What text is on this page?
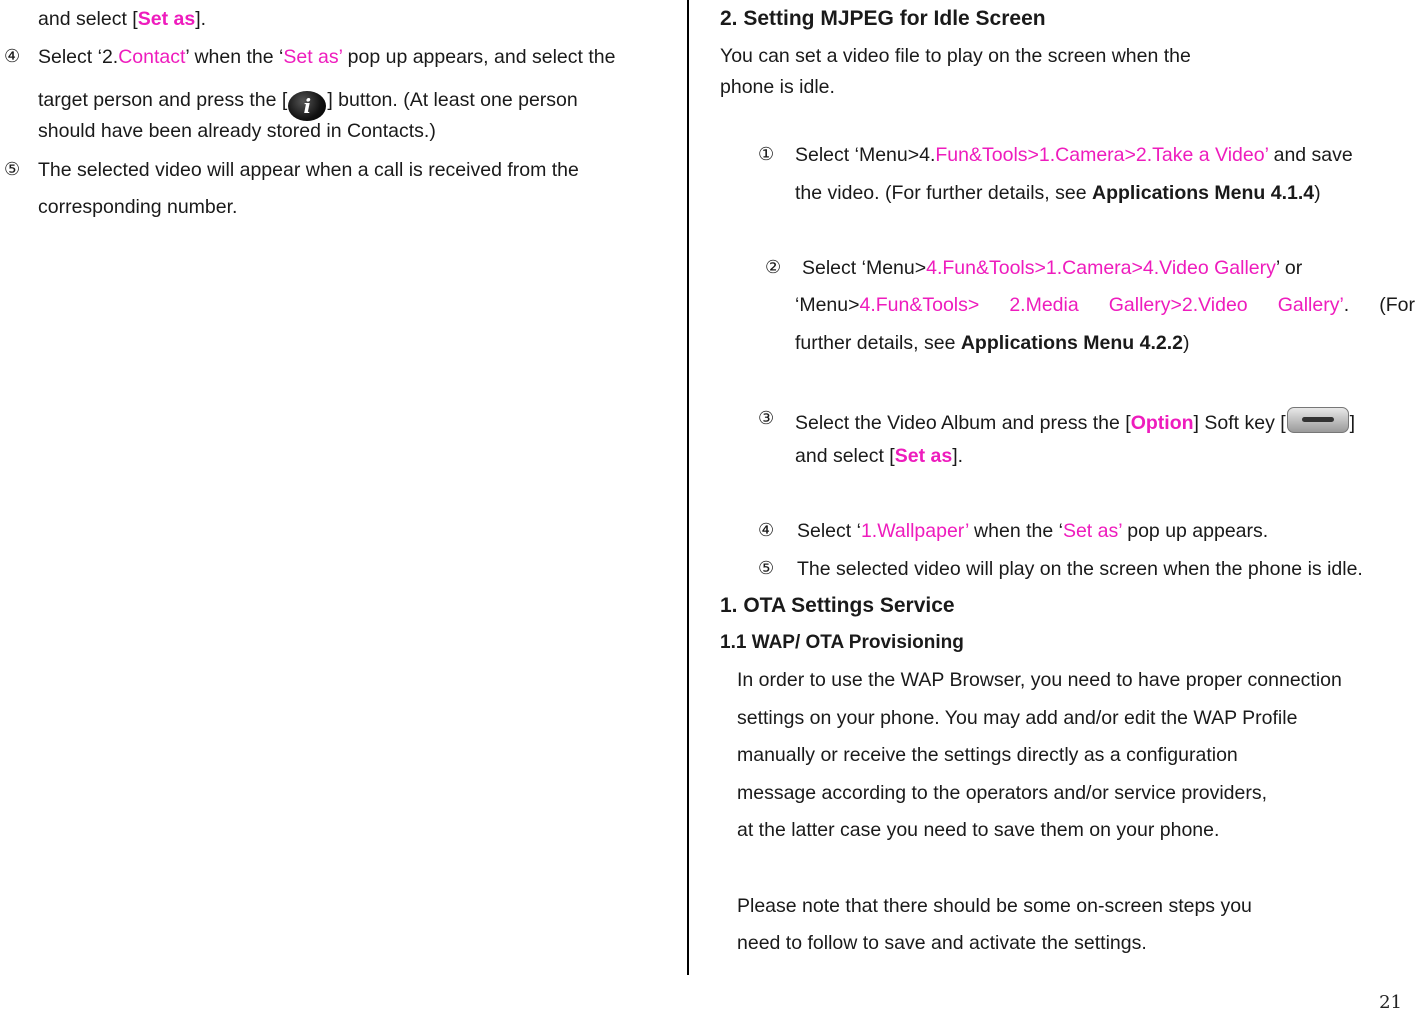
and select [Set as].
④ Select ‘2.Contact’ when the ‘Set as’ pop up appears, and select the
target person and press the [ i ] button. (At least one person
should have been already stored in Contacts.)
⑤ The selected video will appear when a call is received from the
corresponding number.
2. Setting MJPEG for Idle Screen
You can set a video file to play on the screen when the
phone is idle.
① Select ‘Menu>4.Fun&Tools>1.Camera>2.Take a Video’ and save
the video. (For further details, see Applications Menu 4.1.4)
② Select ‘Menu>4.Fun&Tools>1.Camera>4.Video Gallery’ or
‘Menu>4.Fun&Tools> 2.Media Gallery>2.Video Gallery’. (For
further details, see Applications Menu 4.2.2)
③ Select the Video Album and press the [Option] Soft key [	]
and select [Set as].
④ Select ‘1.Wallpaper’ when the ‘Set as’ pop up appears.
⑤ The selected video will play on the screen when the phone is idle.
1. OTA Settings Service
1.1 WAP/ OTA Provisioning
In order to use the WAP Browser, you need to have proper connection
settings on your phone. You may add and/or edit the WAP Profile
manually or receive the settings directly as a configuration
message according to the operators and/or service providers,
at the latter case you need to save them on your phone.
Please note that there should be some on-screen steps you
need to follow to save and activate the settings.
21
